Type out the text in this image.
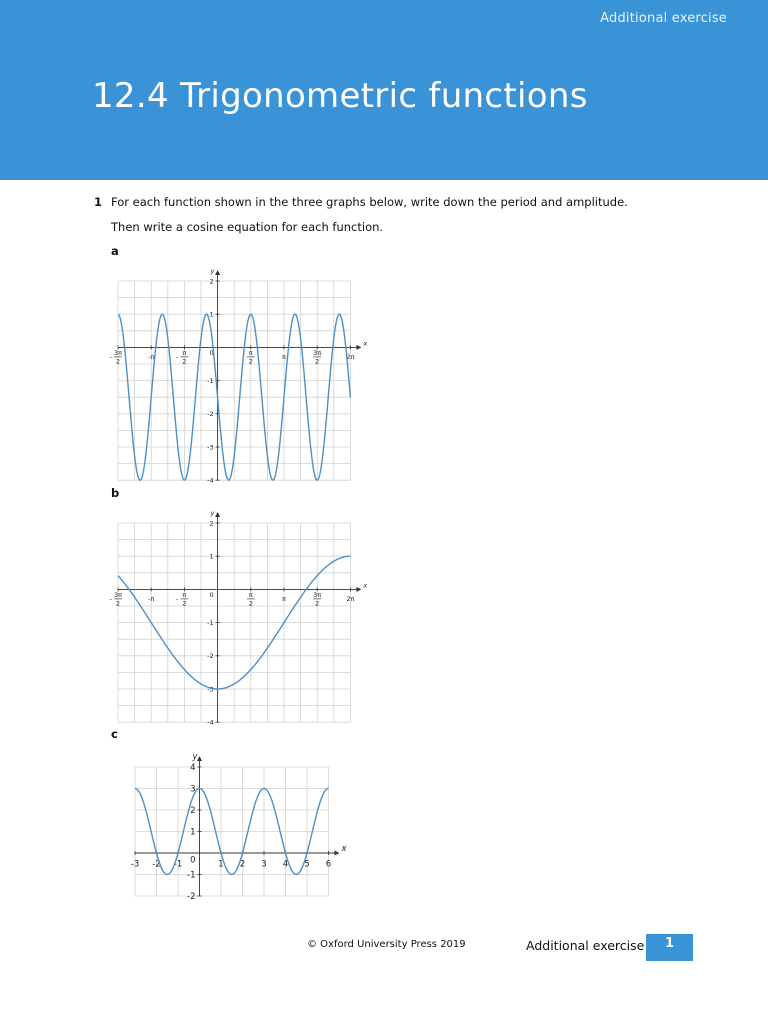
Additional exercise
12.4 Trigonometric functions
1 For each function shown in the three graphs below, write down the period and amplitude.
Then write a cosine equation for each function.
a
x
y
3π
2
-	-π	π
2
-	0	π
2
π	3π
2
2π
2
1
-1
-2
-3
-4
b
x
y
3π
2
-	-π	π
2
-	0	π
2
π	3π
2
2π
2
1
-1
-2
-3
-4
c
x
y
-3 -2 -1 0	1 2 3 4 5 6
4
3
2
1
-1
-2
© Oxford University Press 2019	Additional exercise	1
